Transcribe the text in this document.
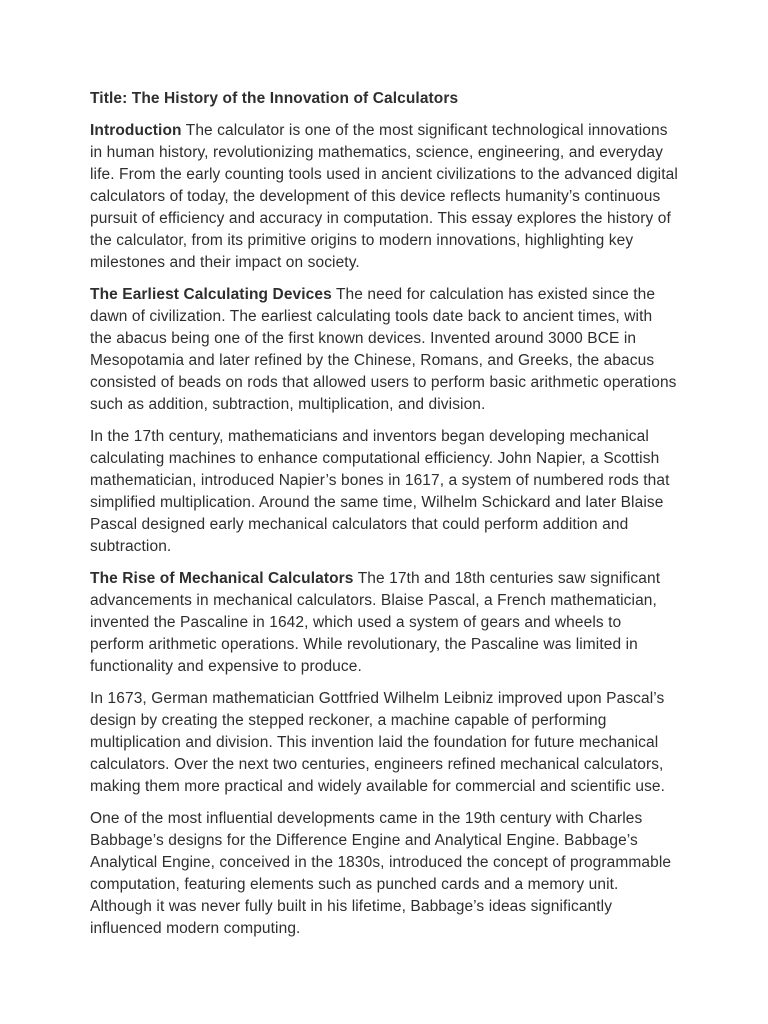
Title: The History of the Innovation of Calculators

Introduction The calculator is one of the most significant technological innovations in human history, revolutionizing mathematics, science, engineering, and everyday life. From the early counting tools used in ancient civilizations to the advanced digital calculators of today, the development of this device reflects humanity’s continuous pursuit of efficiency and accuracy in computation. This essay explores the history of the calculator, from its primitive origins to modern innovations, highlighting key milestones and their impact on society.

The Earliest Calculating Devices The need for calculation has existed since the dawn of civilization. The earliest calculating tools date back to ancient times, with the abacus being one of the first known devices. Invented around 3000 BCE in Mesopotamia and later refined by the Chinese, Romans, and Greeks, the abacus consisted of beads on rods that allowed users to perform basic arithmetic operations such as addition, subtraction, multiplication, and division.

In the 17th century, mathematicians and inventors began developing mechanical calculating machines to enhance computational efficiency. John Napier, a Scottish mathematician, introduced Napier’s bones in 1617, a system of numbered rods that simplified multiplication. Around the same time, Wilhelm Schickard and later Blaise Pascal designed early mechanical calculators that could perform addition and subtraction.

The Rise of Mechanical Calculators The 17th and 18th centuries saw significant advancements in mechanical calculators. Blaise Pascal, a French mathematician, invented the Pascaline in 1642, which used a system of gears and wheels to perform arithmetic operations. While revolutionary, the Pascaline was limited in functionality and expensive to produce.

In 1673, German mathematician Gottfried Wilhelm Leibniz improved upon Pascal’s design by creating the stepped reckoner, a machine capable of performing multiplication and division. This invention laid the foundation for future mechanical calculators. Over the next two centuries, engineers refined mechanical calculators, making them more practical and widely available for commercial and scientific use.

One of the most influential developments came in the 19th century with Charles Babbage’s designs for the Difference Engine and Analytical Engine. Babbage’s Analytical Engine, conceived in the 1830s, introduced the concept of programmable computation, featuring elements such as punched cards and a memory unit. Although it was never fully built in his lifetime, Babbage’s ideas significantly influenced modern computing.
